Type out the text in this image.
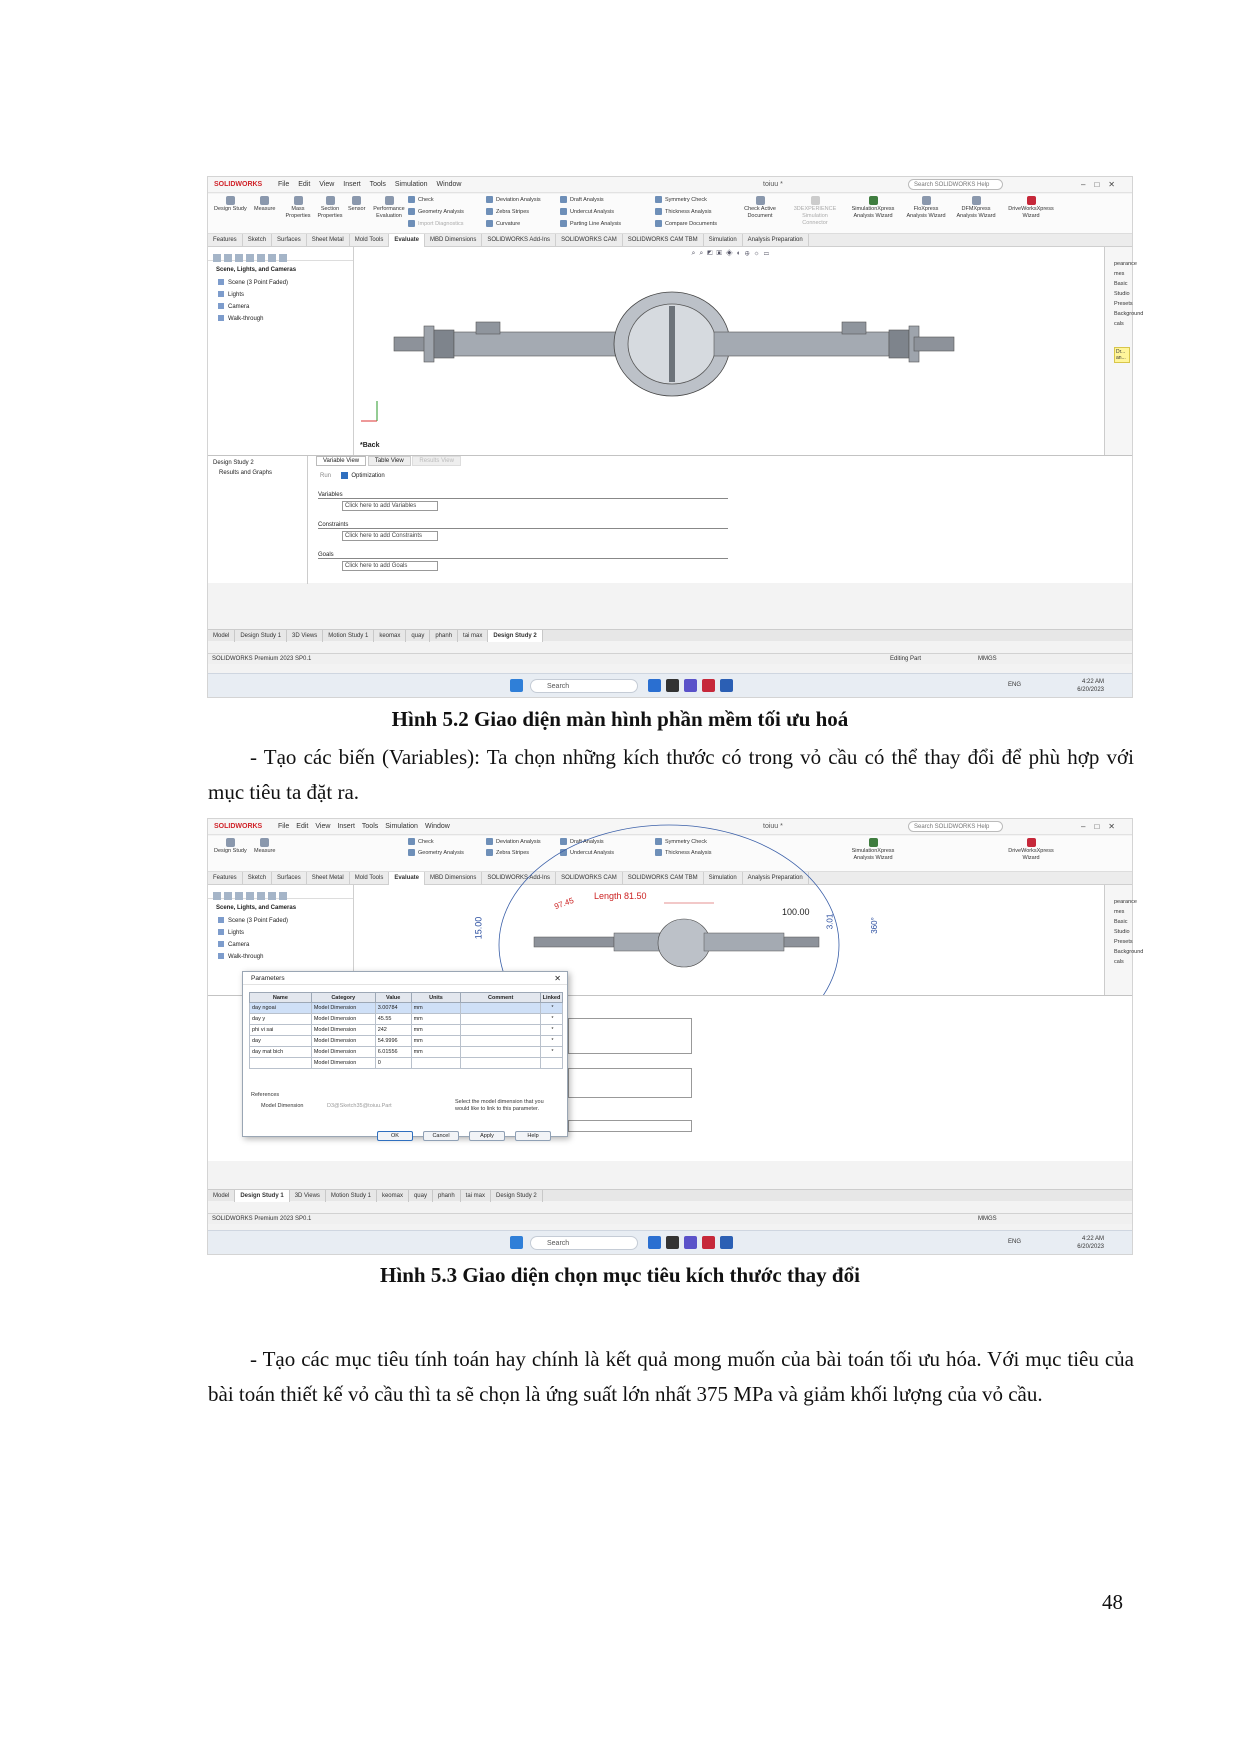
SOLIDWORKS File Edit View Insert Tools Simulation Window	toiuu *	Search SOLIDWORKS Help	–□✕
Design Study Measure	Mass Properties
Section Properties
Sensor	Performance Evaluation
Check
Geometry Analysis
Import Diagnostics
Deviation Analysis
Zebra Stripes
Curvature
Draft Analysis
Undercut Analysis
Parting Line Analysis
Symmetry Check
Thickness Analysis
Compare Documents
Check Active Document
3DEXPERIENCE Simulation Connector
SimulationXpress Analysis Wizard
FloXpress Analysis Wizard
DFMXpress Analysis Wizard
DriveWorksXpress Wizard
Features Sketch Surfaces Sheet Metal Mold Tools Evaluate MBD Dimensions SOLIDWORKS Add-Ins SOLIDWORKS CAM SOLIDWORKS CAM TBM Simulation Analysis Preparation
Scene, Lights, and Cameras
Scene (3 Point Faded)
Lights
Camera
Walk-through
⌕ ⌕ ◩ ▣ ◈ ◐ ⊕ ☼ ▭
*Back
pearance
mes
Basic
Studio
Presets
Background
cals
Dr... an...
Design Study 2
Results and Graphs
Variable View	Table View	Results View
Run	Optimization
Variables
Click here to add Variables
Constraints
Click here to add Constraints
Goals
Click here to add Goals
Model Design Study 1 3D Views Motion Study 1 keomax quay phanh tai max Design Study 2
SOLIDWORKS Premium 2023 SP0.1	Editing Part	MMGS
Search	ENG	4:22 AM
6/20/2023
Hình 5.2 Giao diện màn hình phần mềm tối ưu hoá
- Tạo các biến (Variables): Ta chọn những kích thước có trong vỏ cầu có thể thay đổi để phù hợp với mục tiêu ta đặt ra.
SOLIDWORKS File Edit View Insert Tools Simulation Window	toiuu *	Search SOLIDWORKS Help	–□✕
Design Study Measure
Check	Deviation Analysis	Draft Analysis	Symmetry Check
Geometry Analysis	Zebra Stripes	Undercut Analysis	Thickness Analysis	SimulationXpress Analysis Wizard
DriveWorksXpress Wizard
Features Sketch Surfaces Sheet Metal Mold Tools Evaluate MBD Dimensions SOLIDWORKS Add-Ins SOLIDWORKS CAM SOLIDWORKS CAM TBM Simulation Analysis Preparation
Scene, Lights, and Cameras
Scene (3 Point Faded)
Lights
Camera
Walk-through
15.00
Length 81.50
100.00
3.01	360°
97.45	pearance
mes
Basic
Studio
Presets
Background
cals
Parameters	✕
Name	Category	Value	Units	Comment	Linked
day ngoai	Model Dimension	3.00784	mm		*
day y	Model Dimension	45.55	mm		*
phi vi sai	Model Dimension	242	mm		*
day	Model Dimension	54.9996	mm		*
day mat bich	Model Dimension	6.01556	mm		*
	Model Dimension	0			
References
Model Dimension	D3@Sketch35@toiuu.Part
Select the model dimension that you would like to link to this parameter.
OK	Cancel	Apply	Help
Model Design Study 1 3D Views Motion Study 1 keomax quay phanh tai max Design Study 2
SOLIDWORKS Premium 2023 SP0.1	MMGS
Search	ENG	4:22 AM
6/20/2023
Hình 5.3 Giao diện chọn mục tiêu kích thước thay đổi
- Tạo các mục tiêu tính toán hay chính là kết quả mong muốn của bài toán tối ưu hóa. Với mục tiêu của bài toán thiết kế vỏ cầu thì ta sẽ chọn là ứng suất lớn nhất 375 MPa và giảm khối lượng của vỏ cầu.
48
